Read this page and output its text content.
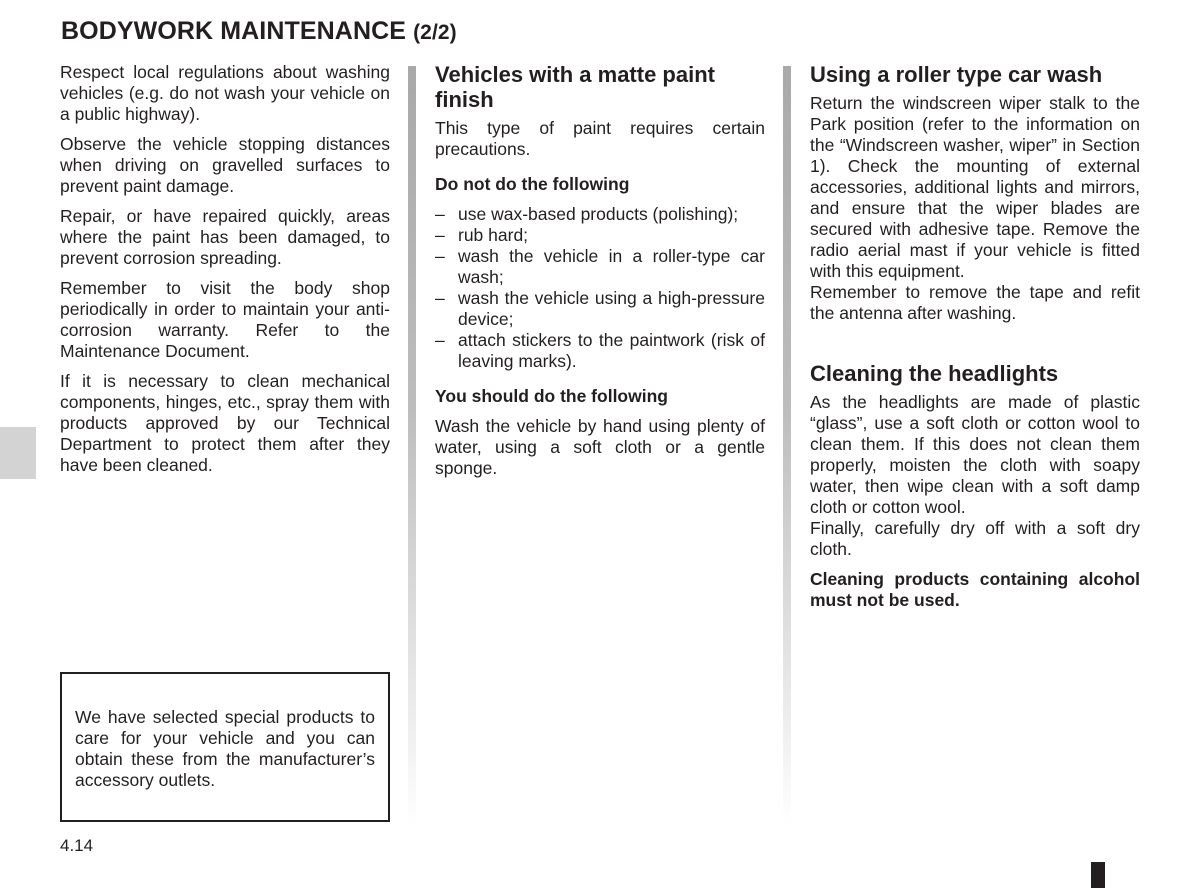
BODYWORK MAINTENANCE (2/2)

Respect local regulations about washing vehicles (e.g. do not wash your vehicle on a public highway).

Observe the vehicle stopping distances when driving on gravelled surfaces to prevent paint damage.

Repair, or have repaired quickly, areas where the paint has been damaged, to prevent corrosion spreading.

Remember to visit the body shop periodically in order to maintain your anti-corrosion warranty. Refer to the Maintenance Document.

If it is necessary to clean mechanical components, hinges, etc., spray them with products approved by our Technical Department to protect them after they have been cleaned.

We have selected special products to care for your vehicle and you can obtain these from the manufacturer’s accessory outlets.

Vehicles with a matte paint finish

This type of paint requires certain precautions.

Do not do the following
– use wax-based products (polishing);
– rub hard;
– wash the vehicle in a roller-type car wash;
– wash the vehicle using a high-pressure device;
– attach stickers to the paintwork (risk of leaving marks).
You should do the following

Wash the vehicle by hand using plenty of water, using a soft cloth or a gentle sponge.

Using a roller type car wash

Return the windscreen wiper stalk to the Park position (refer to the information on the “Windscreen washer, wiper” in Section 1). Check the mounting of external accessories, additional lights and mirrors, and ensure that the wiper blades are secured with adhesive tape. Remove the radio aerial mast if your vehicle is fitted with this equipment.

Remember to remove the tape and refit the antenna after washing.

Cleaning the headlights

As the headlights are made of plastic “glass”, use a soft cloth or cotton wool to clean them. If this does not clean them properly, moisten the cloth with soapy water, then wipe clean with a soft damp cloth or cotton wool.

Finally, carefully dry off with a soft dry cloth.

Cleaning products containing alcohol must not be used.

4.14
